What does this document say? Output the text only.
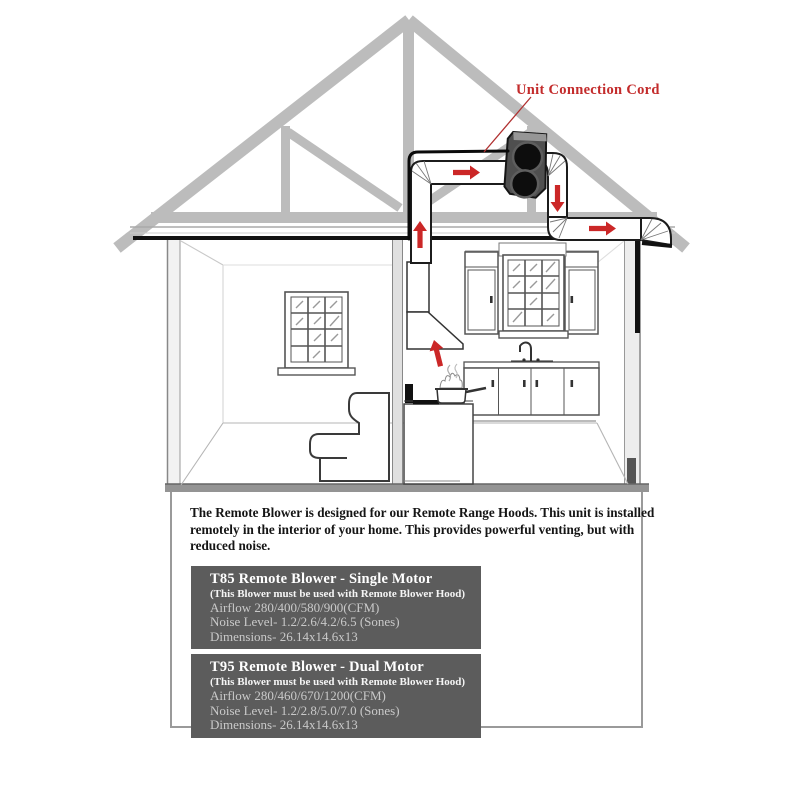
Unit Connection Cord
The Remote Blower is designed for our Remote Range Hoods. This unit is installed
remotely in the interior of your home. This provides powerful venting, but with
reduced noise.
T85 Remote Blower - Single Motor
(This Blower must be used with Remote Blower Hood)
Airflow 280/400/580/900(CFM)
Noise Level- 1.2/2.6/4.2/6.5 (Sones)
Dimensions- 26.14x14.6x13
T95 Remote Blower - Dual Motor
(This Blower must be used with Remote Blower Hood)
Airflow 280/460/670/1200(CFM)
Noise Level- 1.2/2.8/5.0/7.0 (Sones)
Dimensions- 26.14x14.6x13
